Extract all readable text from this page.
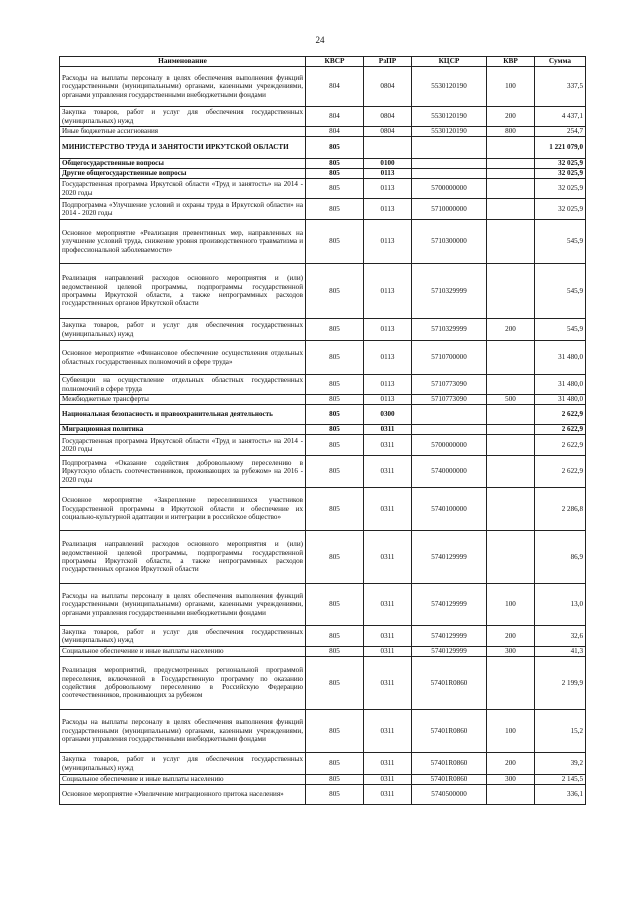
24
Наименование	КВСР	РзПР	КЦСР	КВР	Сумма
Расходы на выплаты персоналу в целях обеспечения выполнения функций государственными (муниципальными) органами, казенными учреждениями, органами управления государственными внебюджетными фондами	804	0804	5530120190	100	337,5
Закупка товаров, работ и услуг для обеспечения государственных (муниципальных) нужд	804	0804	5530120190	200	4 437,1
Иные бюджетные ассигнования	804	0804	5530120190	800	254,7
МИНИСТЕРСТВО ТРУДА И ЗАНЯТОСТИ ИРКУТСКОЙ ОБЛАСТИ	805				1 221 079,0
Общегосударственные вопросы	805	0100			32 025,9
Другие общегосударственные вопросы	805	0113			32 025,9
Государственная программа Иркутской области «Труд и занятость» на 2014 - 2020 годы	805	0113	5700000000		32 025,9
Подпрограмма «Улучшение условий и охраны труда в Иркутской области» на 2014 - 2020 годы	805	0113	5710000000		32 025,9
Основное мероприятие «Реализация превентивных мер, направленных на улучшение условий труда, снижение уровня производственного травматизма и профессиональной заболеваемости»	805	0113	5710300000		545,9
Реализация направлений расходов основного мероприятия и (или) ведомственной целевой программы, подпрограммы государственной программы Иркутской области, а также непрограммных расходов государственных органов Иркутской области	805	0113	5710329999		545,9
Закупка товаров, работ и услуг для обеспечения государственных (муниципальных) нужд	805	0113	5710329999	200	545,9
Основное мероприятие «Финансовое обеспечение осуществления отдельных областных государственных полномочий в сфере труда»	805	0113	5710700000		31 480,0
Субвенции на осуществление отдельных областных государственных полномочий в сфере труда	805	0113	5710773090		31 480,0
Межбюджетные трансферты	805	0113	5710773090	500	31 480,0
Национальная безопасность и правоохранительная деятельность	805	0300			2 622,9
Миграционная политика	805	0311			2 622,9
Государственная программа Иркутской области «Труд и занятость» на 2014 - 2020 годы	805	0311	5700000000		2 622,9
Подпрограмма «Оказание содействия добровольному переселению в Иркутскую область соотечественников, проживающих за рубежом» на 2016 - 2020 годы	805	0311	5740000000		2 622,9
Основное мероприятие «Закрепление переселившихся участников Государственной программы в Иркутской области и обеспечение их социально-культурной адаптации и интеграции в российское общество»	805	0311	5740100000		2 286,8
Реализация направлений расходов основного мероприятия и (или) ведомственной целевой программы, подпрограммы государственной программы Иркутской области, а также непрограммных расходов государственных органов Иркутской области	805	0311	5740129999		86,9
Расходы на выплаты персоналу в целях обеспечения выполнения функций государственными (муниципальными) органами, казенными учреждениями, органами управления государственными внебюджетными фондами	805	0311	5740129999	100	13,0
Закупка товаров, работ и услуг для обеспечения государственных (муниципальных) нужд	805	0311	5740129999	200	32,6
Социальное обеспечение и иные выплаты населению	805	0311	5740129999	300	41,3
Реализация мероприятий, предусмотренных региональной программой переселения, включенной в Государственную программу по оказанию содействия добровольному переселению в Российскую Федерацию соотечественников, проживающих за рубежом	805	0311	57401R0860		2 199,9
Расходы на выплаты персоналу в целях обеспечения выполнения функций государственными (муниципальными) органами, казенными учреждениями, органами управления государственными внебюджетными фондами	805	0311	57401R0860	100	15,2
Закупка товаров, работ и услуг для обеспечения государственных (муниципальных) нужд	805	0311	57401R0860	200	39,2
Социальное обеспечение и иные выплаты населению	805	0311	57401R0860	300	2 145,5
Основное мероприятие «Увеличение миграционного притока населения»	805	0311	5740500000		336,1
